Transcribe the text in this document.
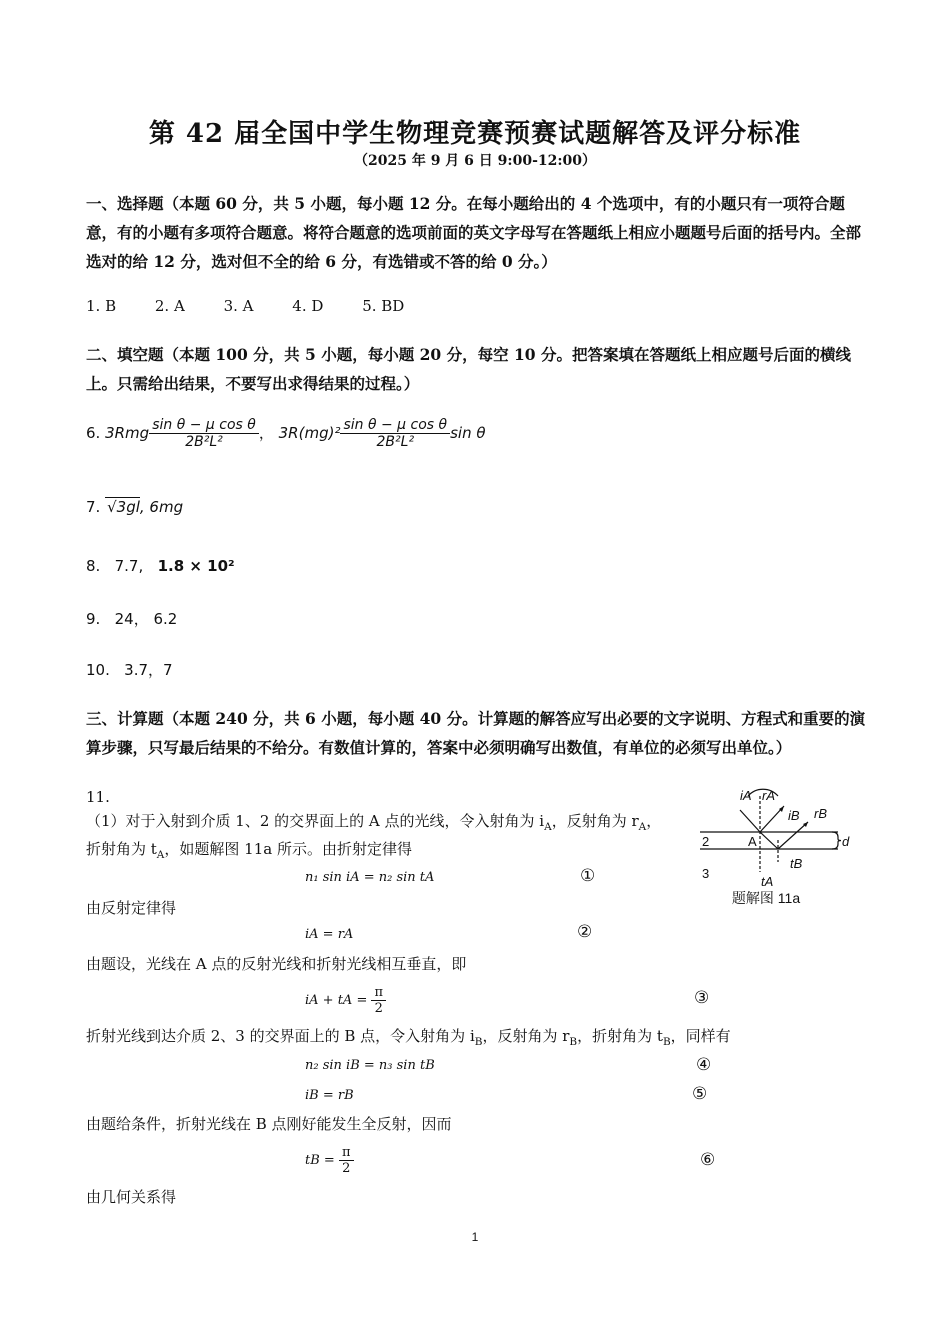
第 42 届全国中学生物理竞赛预赛试题解答及评分标准
（2025 年 9 月 6 日 9:00-12:00）
一、选择题（本题 60 分，共 5 小题，每小题 12 分。在每小题给出的 4 个选项中，有的小题只有一项符合题意，有的小题有多项符合题意。将符合题意的选项前面的英文字母写在答题纸上相应小题题号后面的括号内。全部选对的给 12 分，选对但不全的给 6 分，有选错或不答的给 0 分。）
1. B	2. A	3. A	4. D	5. BD
二、填空题（本题 100 分，共 5 小题，每小题 20 分，每空 10 分。把答案填在答题纸上相应题号后面的横线上。只需给出结果，不要写出求得结果的过程。）
6. $3Rmg \frac{\text{sin θ − μ cos θ}}{\text{2B²L²}}$ ， $3R(mg)^2 \frac{\text{sin θ − μ cos θ}}{\text{2B²L²}}$ sin θ
7. √3gl, 6mg
8. 7.7, 1.8 × 10²
9. 24， 6.2
10. 3.7，7
三、计算题（本题 240 分，共 6 小题，每小题 40 分。计算题的解答应写出必要的文字说明、方程式和重要的演算步骤，只写最后结果的不给分。有数值计算的，答案中必须明确写出数值，有单位的必须写出单位。）
11.
（1）对于入射到介质 1、2 的交界面上的 A 点的光线，令入射角为 $i_A$，反射角为 $r_A$，
折射角为 $t_A$，如题解图 11a 所示。由折射定律得
n₁ sin iA = n₂ sin tA	①
由反射定律得
iA = rA	②
由题设，光线在 A 点的反射光线和折射光线相互垂直，即
iA + tA = $\frac{\pi}{2}$	③
折射光线到达介质 2、3 的交界面上的 B 点，令入射角为 $i_B$，反射角为 $r_B$，折射角为 $t_B$，同样有
n₂ sin iB = n₃ sin tB	④
iB = rB	⑤
由题给条件，折射光线在 B 点刚好能发生全反射，因而
tB = $\frac{\pi}{2}$	⑥
由几何关系得
iA rA
iB rB
tA
tB
d
2
3
A
题解图 11a
1
